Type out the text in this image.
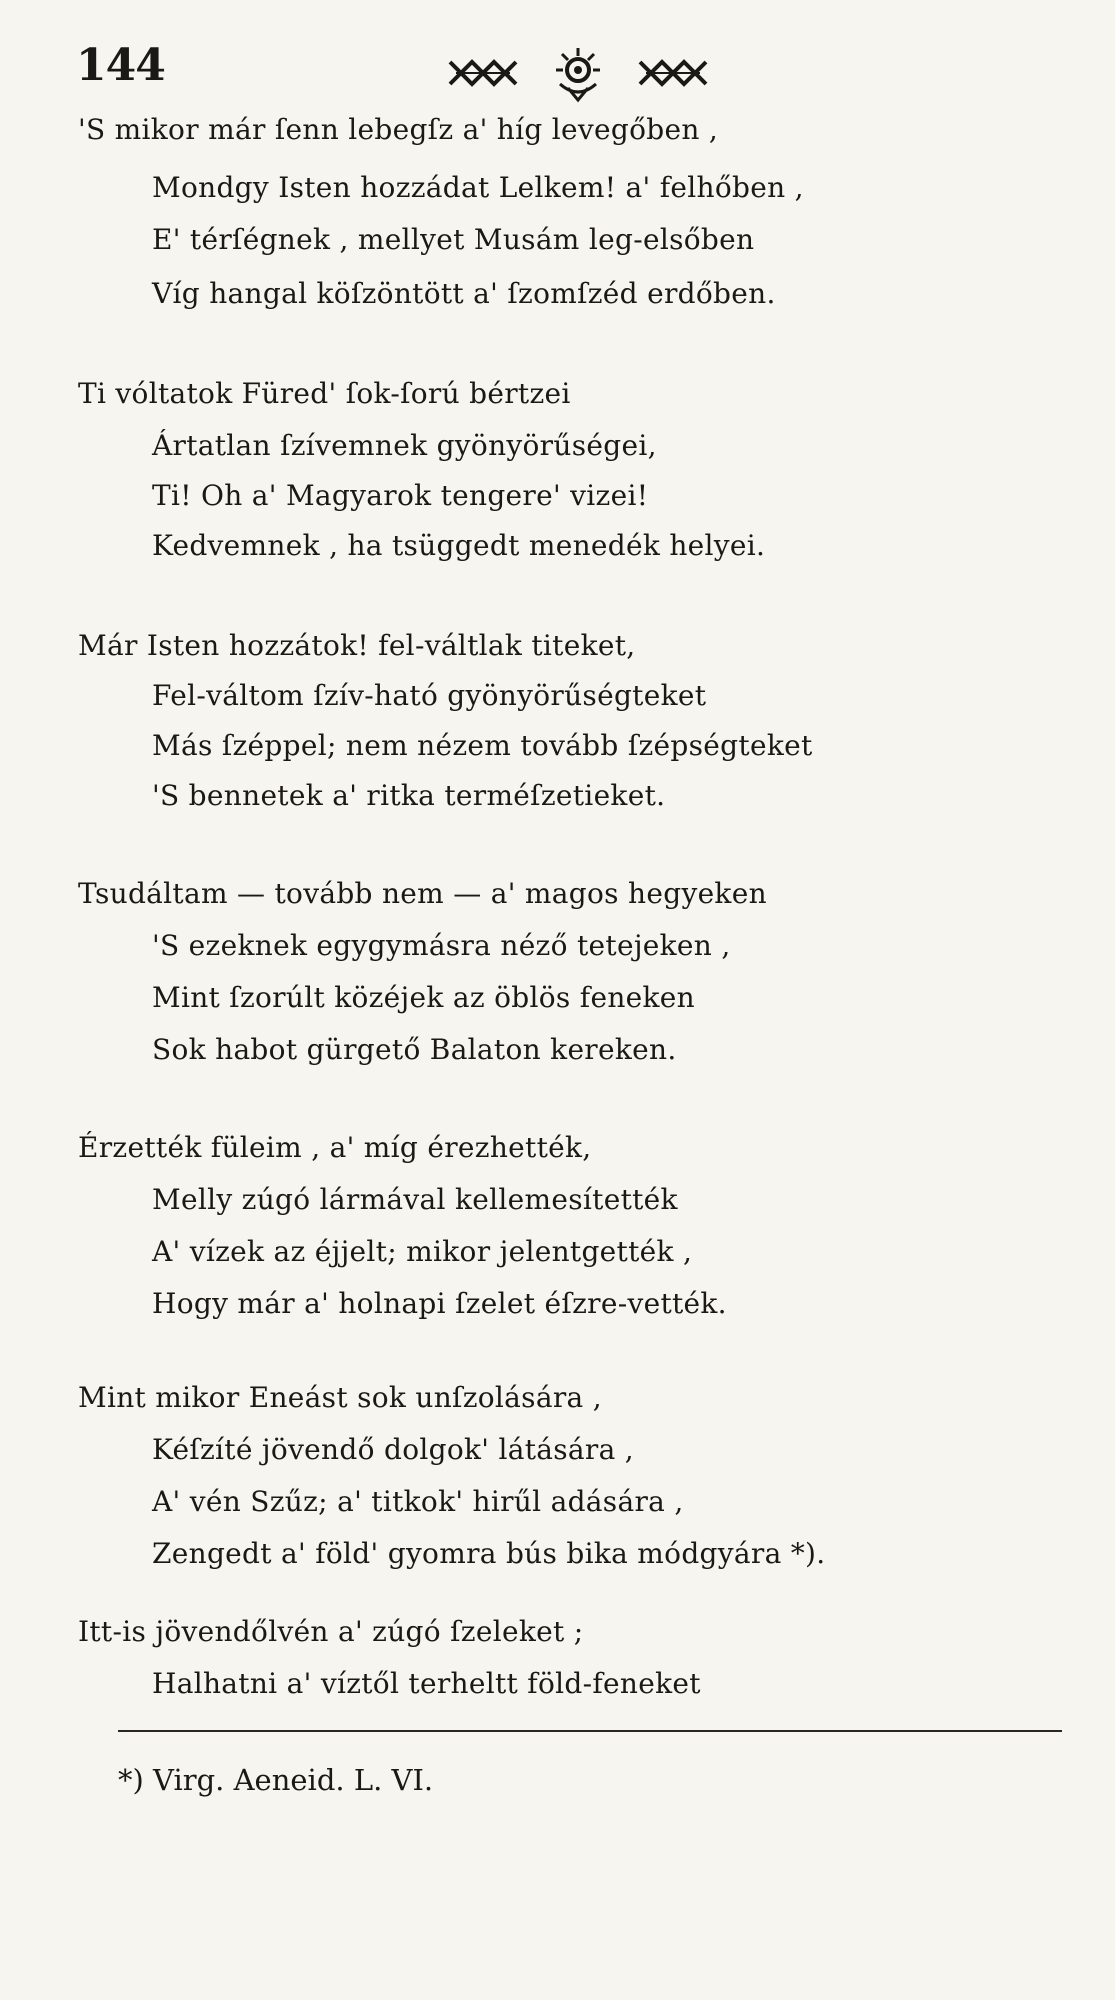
144
'S mikor már ſenn lebegſz a' híg levegőben ,
Mondgy Isten hozzádat Lelkem! a' felhőben ,
E' térſégnek , mellyet Musám leg-elsőben
Víg hangal köſzöntött a' ſzomſzéd erdőben.
Ti vóltatok Füred' ſok-ſorú bértzei
Ártatlan ſzívemnek gyönyörűségei,
Ti! Oh a' Magyarok tengere' vizei!
Kedvemnek , ha tsüggedt menedék helyei.
Már Isten hozzátok! fel-váltlak titeket,
Fel-váltom ſzív-ható gyönyörűségteket
Más ſzéppel; nem nézem tovább ſzépségteket
'S bennetek a' ritka terméſzetieket.
Tsudáltam — tovább nem — a' magos hegyeken
'S ezeknek egygymásra néző tetejeken ,
Mint ſzorúlt közéjek az öblös feneken
Sok habot gürgető Balaton kereken.
Érzették füleim , a' míg érezhették,
Melly zúgó lármával kellemesítették
A' vízek az éjjelt; mikor jelentgették ,
Hogy már a' holnapi ſzelet éſzre-vették.
Mint mikor Eneást sok unſzolására ,
Kéſzíté jövendő dolgok' látására ,
A' vén Szűz; a' titkok' hirűl adására ,
Zengedt a' föld' gyomra bús bika módgyára *).
Itt-is jövendőlvén a' zúgó ſzeleket ;
Halhatni a' víztől terheltt föld-feneket
*) Virg. Aeneid. L. VI.
